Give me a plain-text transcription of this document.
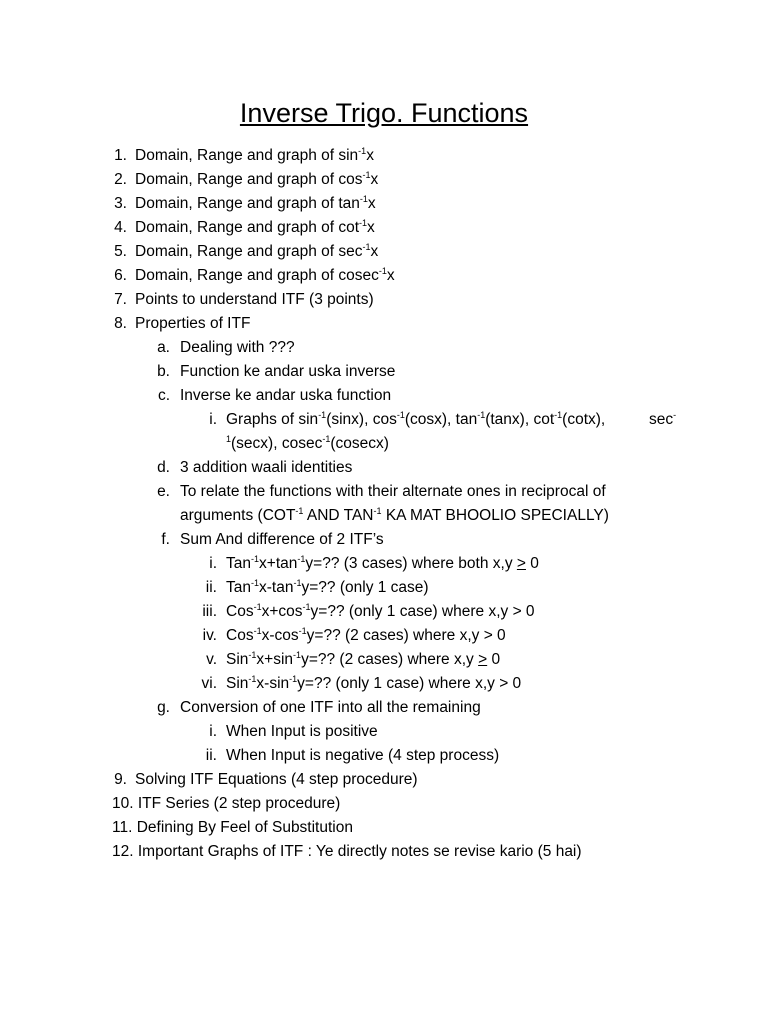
Inverse Trigo. Functions
1. Domain, Range and graph of $\sin^{-1}x$
2. Domain, Range and graph of $\cos^{-1}x$
3. Domain, Range and graph of $\tan^{-1}x$
4. Domain, Range and graph of $\cot^{-1}x$
5. Domain, Range and graph of $\sec^{-1}x$
6. Domain, Range and graph of cosec$^{-1}$x
7. Points to understand ITF (3 points)
8. Properties of ITF
a. Dealing with ???
b. Function ke andar uska inverse
c. Inverse ke andar uska function
i. Graphs of $\sin^{-1}(\sin x)$, $\cos^{-1}(\cos x)$, $\tan^{-1}(\tan x)$, $\cot^{-1}(\cot x)$,	sec-
$^1$(secx), cosec$^{-1}$(cosecx)
d. 3 addition waali identities
e. To relate the functions with their alternate ones in reciprocal of
arguments ($COT^{-1}$ AND $TAN^{-1}$ KA MAT BHOOLIO SPECIALLY)
f. Sum And difference of 2 ITF’s
i. $Tan^{-1}x+\tan^{-1}y=$?? (3 cases) where both x,y > 0
ii. $Tan^{-1}x-\tan^{-1}y=$?? (only 1 case)
iii. $Cos^{-1}x+\cos^{-1}y=$?? (only 1 case) where x,y > 0
iv. $Cos^{-1}x-\cos^{-1}y=$?? (2 cases) where x,y > 0
v. $Sin^{-1}x+\sin^{-1}y=$?? (2 cases) where x,y > 0
vi. $Sin^{-1}x-\sin^{-1}y=$?? (only 1 case) where x,y > 0
g. Conversion of one ITF into all the remaining
i. When Input is positive
ii. When Input is negative (4 step process)
9. Solving ITF Equations (4 step procedure)
10. ITF Series (2 step procedure)
11. Defining By Feel of Substitution
12. Important Graphs of ITF : Ye directly notes se revise kario (5 hai)
